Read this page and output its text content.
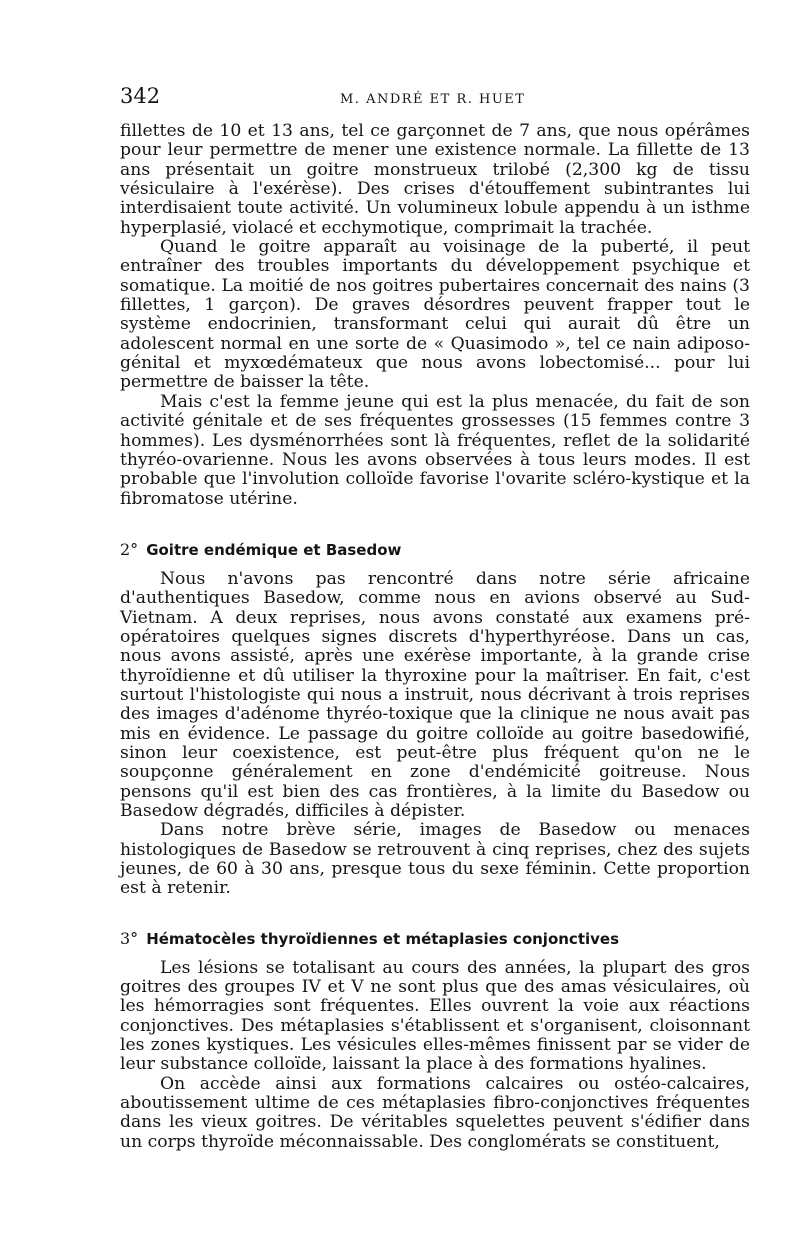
342	M. ANDRÉ ET R. HUET

fillettes de 10 et 13 ans, tel ce garçonnet de 7 ans, que nous opérâmes pour leur permettre de mener une existence normale. La fillette de 13 ans présentait un goitre monstrueux trilobé (2,300 kg de tissu vésiculaire à l'exérèse). Des crises d'étouffement subintrantes lui interdisaient toute activité. Un volumineux lobule appendu à un isthme hyperplasié, violacé et ecchymotique, comprimait la trachée.

Quand le goitre apparaît au voisinage de la puberté, il peut entraîner des troubles importants du développement psychique et somatique. La moitié de nos goitres pubertaires concernait des nains (3 fillettes, 1 garçon). De graves désordres peuvent frapper tout le système endocrinien, transformant celui qui aurait dû être un adolescent normal en une sorte de « Quasimodo », tel ce nain adiposo-génital et myxœdémateux que nous avons lobectomisé... pour lui permettre de baisser la tête.

Mais c'est la femme jeune qui est la plus menacée, du fait de son activité génitale et de ses fréquentes grossesses (15 femmes contre 3 hommes). Les dysménorrhées sont là fréquentes, reflet de la solidarité thyréo-ovarienne. Nous les avons observées à tous leurs modes. Il est probable que l'involution colloïde favorise l'ovarite scléro-kystique et la fibromatose utérine.

2° Goitre endémique et Basedow

Nous n'avons pas rencontré dans notre série africaine d'authentiques Basedow, comme nous en avions observé au Sud-Vietnam. A deux reprises, nous avons constaté aux examens pré-opératoires quelques signes discrets d'hyperthyréose. Dans un cas, nous avons assisté, après une exérèse importante, à la grande crise thyroïdienne et dû utiliser la thyroxine pour la maîtriser. En fait, c'est surtout l'histologiste qui nous a instruit, nous décrivant à trois reprises des images d'adénome thyréo-toxique que la clinique ne nous avait pas mis en évidence. Le passage du goitre colloïde au goitre basedowifié, sinon leur coexistence, est peut-être plus fréquent qu'on ne le soupçonne généralement en zone d'endémicité goitreuse. Nous pensons qu'il est bien des cas frontières, à la limite du Basedow ou Basedow dégradés, difficiles à dépister.

Dans notre brève série, images de Basedow ou menaces histologiques de Basedow se retrouvent à cinq reprises, chez des sujets jeunes, de 60 à 30 ans, presque tous du sexe féminin. Cette proportion est à retenir.

3° Hématocèles thyroïdiennes et métaplasies conjonctives

Les lésions se totalisant au cours des années, la plupart des gros goitres des groupes IV et V ne sont plus que des amas vésiculaires, où les hémorragies sont fréquentes. Elles ouvrent la voie aux réactions conjonctives. Des métaplasies s'établissent et s'organisent, cloisonnant les zones kystiques. Les vésicules elles-mêmes finissent par se vider de leur substance colloïde, laissant la place à des formations hyalines.

On accède ainsi aux formations calcaires ou ostéo-calcaires, aboutissement ultime de ces métaplasies fibro-conjonctives fréquentes dans les vieux goitres. De véritables squelettes peuvent s'édifier dans un corps thyroïde méconnaissable. Des conglomérats se constituent,
